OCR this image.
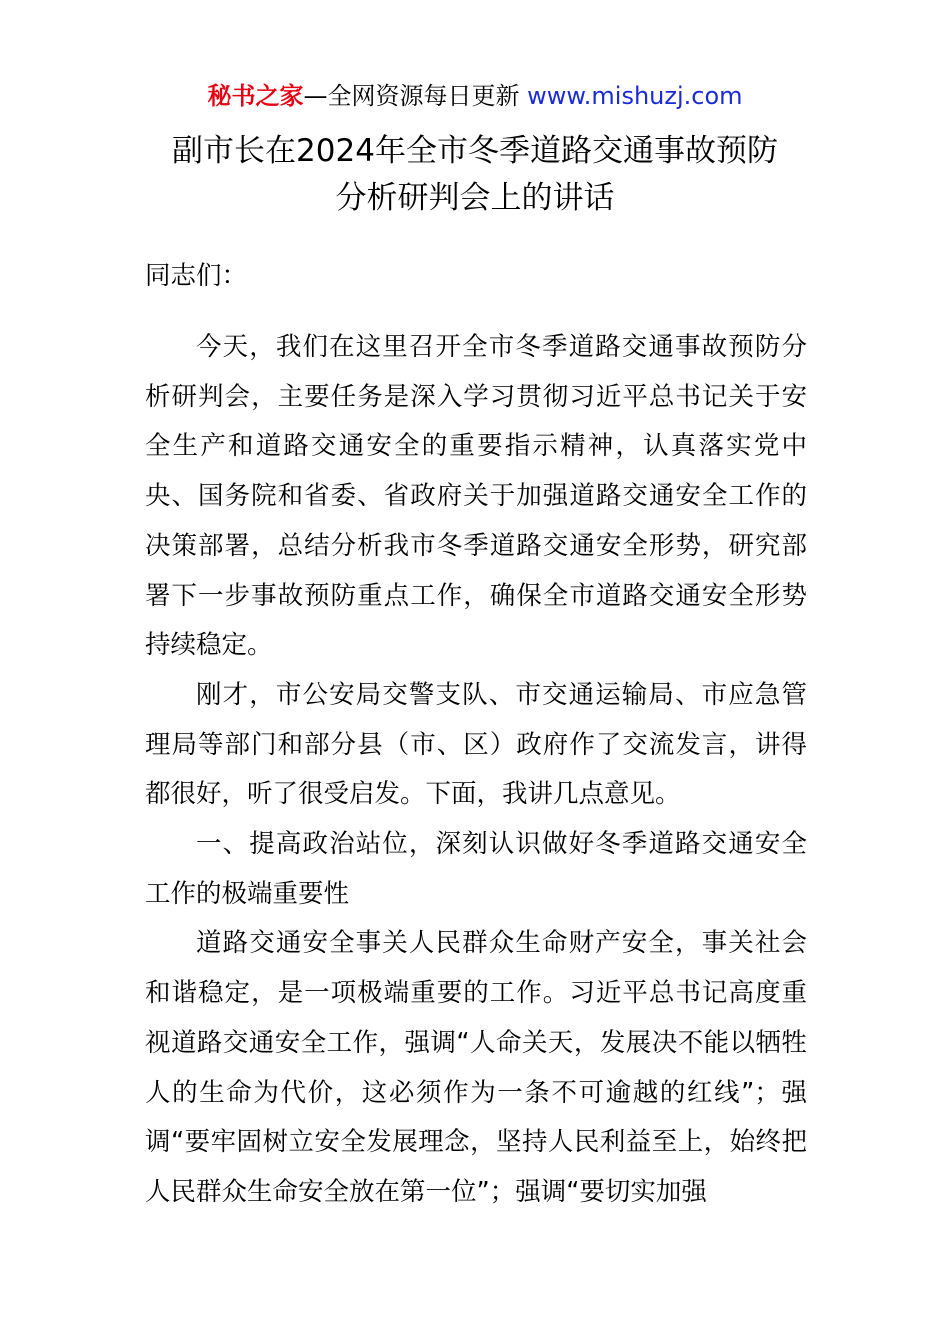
秘书之家—全网资源每日更新 www.mishuzj.com
副市长在2024年全市冬季道路交通事故预防
分析研判会上的讲话
同志们：

今天，我们在这里召开全市冬季道路交通事故预防分析研判会，主要任务是深入学习贯彻习近平总书记关于安全生产和道路交通安全的重要指示精神，认真落实党中央、国务院和省委、省政府关于加强道路交通安全工作的决策部署，总结分析我市冬季道路交通安全形势，研究部署下一步事故预防重点工作，确保全市道路交通安全形势持续稳定。

刚才，市公安局交警支队、市交通运输局、市应急管理局等部门和部分县（市、区）政府作了交流发言，讲得都很好，听了很受启发。下面，我讲几点意见。

一、提高政治站位，深刻认识做好冬季道路交通安全工作的极端重要性

道路交通安全事关人民群众生命财产安全，事关社会和谐稳定，是一项极端重要的工作。习近平总书记高度重视道路交通安全工作，强调“人命关天，发展决不能以牺牲人的生命为代价，这必须作为一条不可逾越的红线”；强调“要牢固树立安全发展理念，坚持人民利益至上，始终把人民群众生命安全放在第一位”；强调“要切实加强
